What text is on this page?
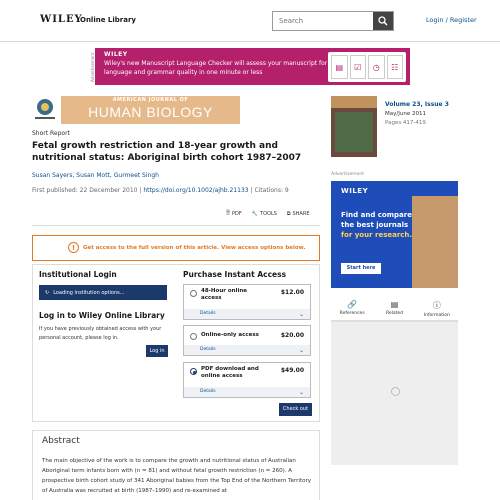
WILEY
Online Library
Search	Login / Register
Advertisement	WILEY
Wiley's new Manuscript Language Checker will assess your manuscript for language and grammar quality in one minute or less
▤	☑	◷	☷
AMERICAN JOURNAL OF
HUMAN BIOLOGY
Short Report
Fetal growth restriction and 18-year growth and nutritional status: Aboriginal birth cohort 1987–2007
Susan Sayers, Susan Mott, Gurmeet Singh
First published: 22 December 2010 | https://doi.org/10.1002/ajhb.21133 | Citations: 9
🗎 PDF 🔧 TOOLS ⧉ SHARE
!	Get access to the full version of this article. View access options below.
Institutional Login
↻ Loading institution options...
Log in to Wiley Online Library
If you have previously obtained access with your personal account, please log in.
Log in
Purchase Instant Access
48-Hour online access
$12.00
Details	⌄
Online-only access	$20.00
Details	⌄
PDF download and online access
$49.00
Details	⌄
Check out
Abstract
The main objective of the work is to compare the growth and nutritional status of Australian Aboriginal term infants born with (n = 81) and without fetal growth restriction (n = 260). A prospective birth cohort study of 341 Aboriginal babies from the Top End of the Northern Territory of Australia was recruited at birth (1987–1990) and re-examined at
Volume 23, Issue 3
May/June 2011
Pages 417-419
Advertisement
WILEY
Find and compare the best journals for your research.
Start here
🔗
References
▤
Related
ⓘ
Information
